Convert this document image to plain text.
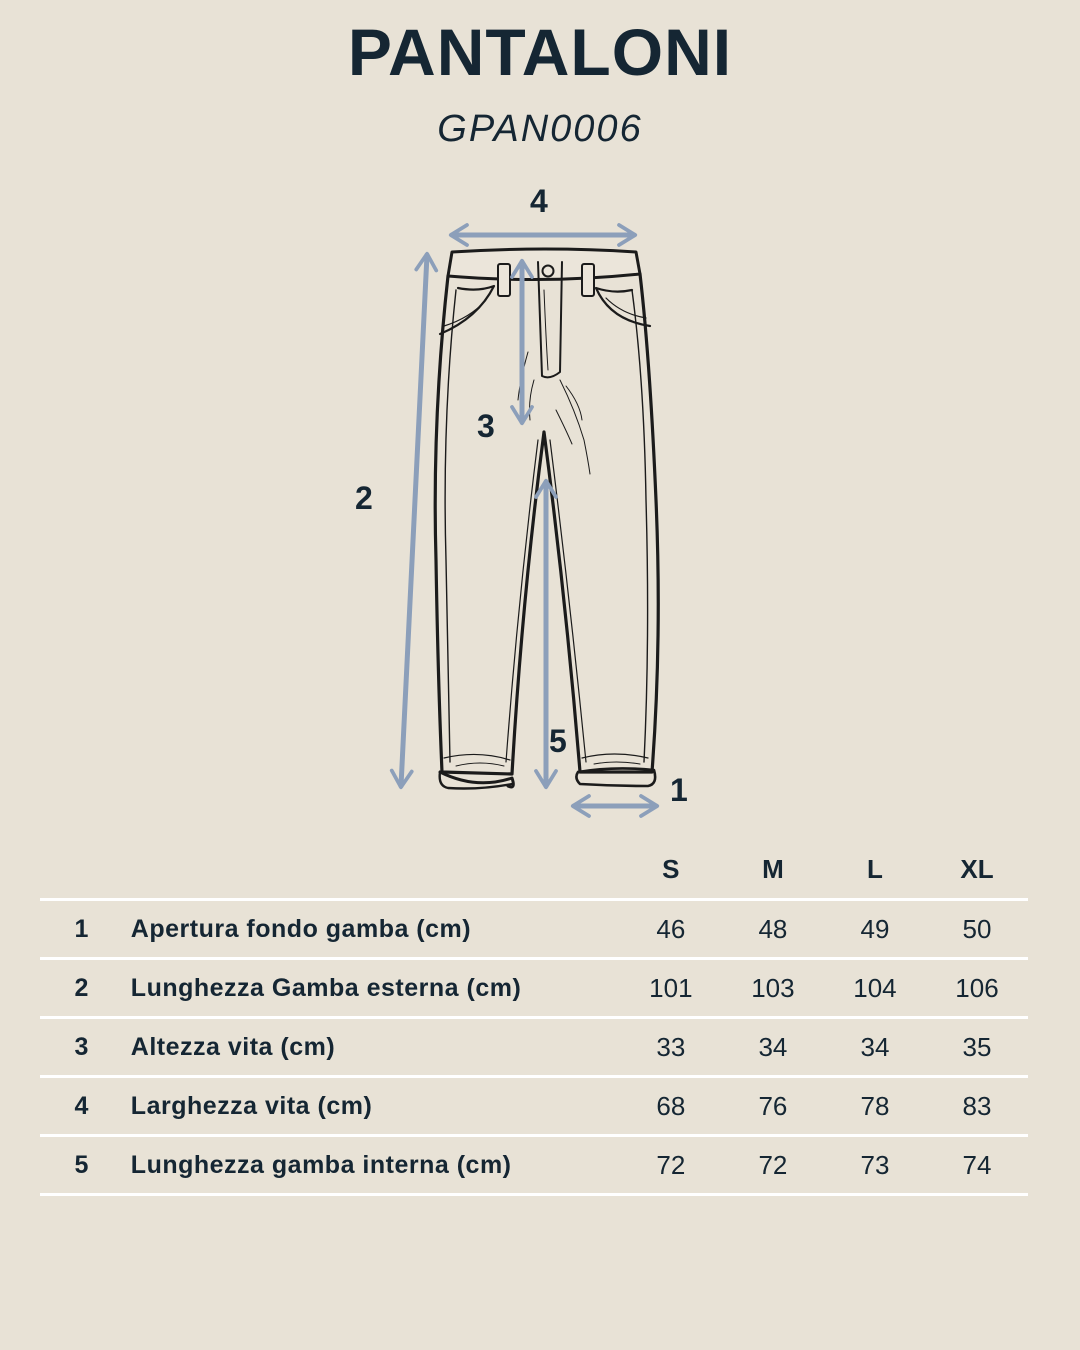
PANTALONI
GPAN0006
4
2
3
5
1
S	M	L	XL
1	Apertura fondo gamba (cm)	46	48	49	50
2	Lunghezza Gamba esterna (cm)	101	103	104	106
3	Altezza vita (cm)	33	34	34	35
4	Larghezza vita (cm)	68	76	78	83
5	Lunghezza gamba interna (cm)	72	72	73	74
